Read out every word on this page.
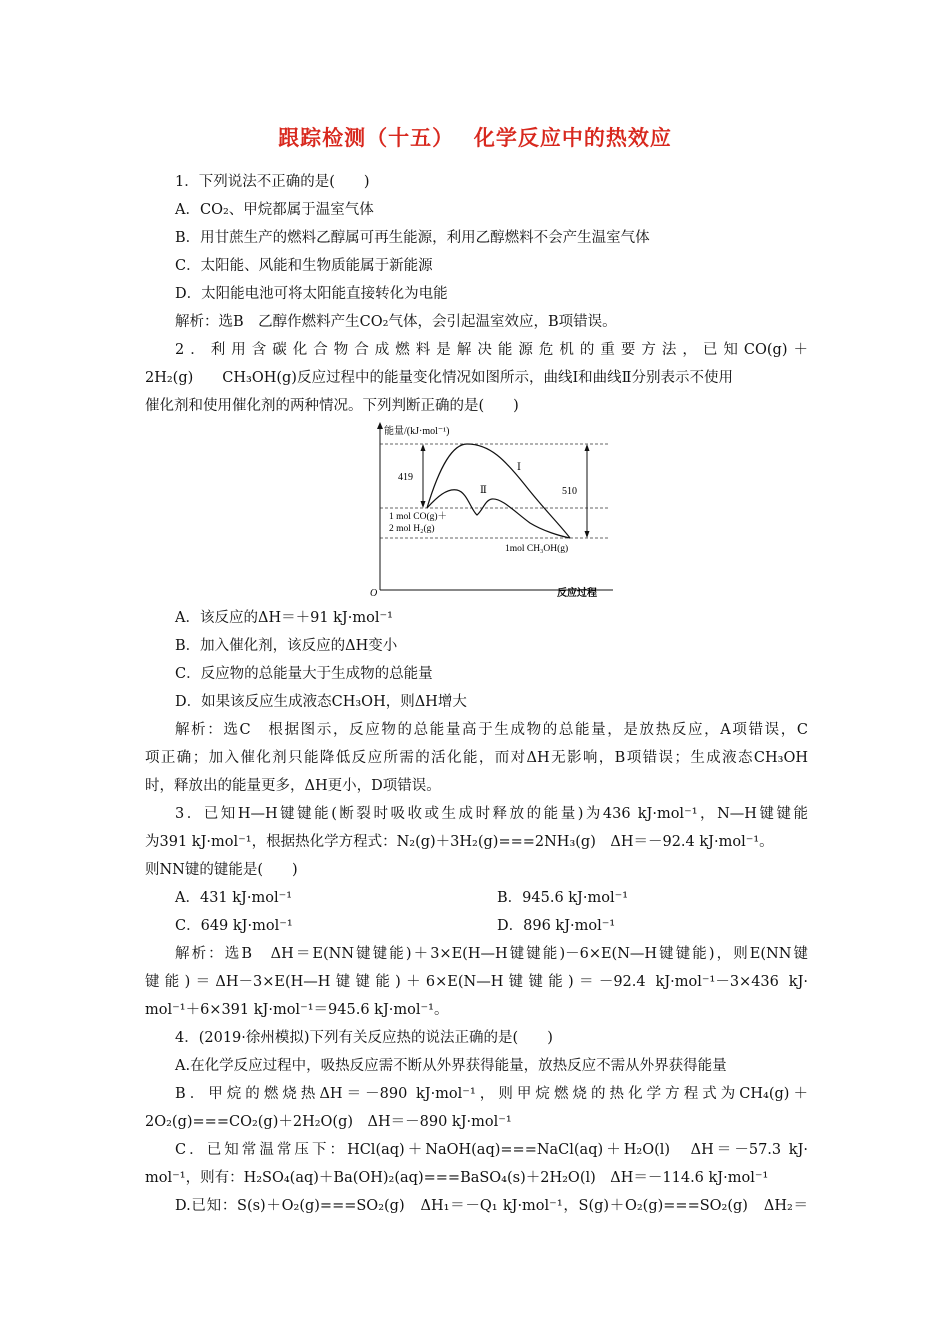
跟踪检测（十五）　 化学反应中的热效应
1．下列说法不正确的是(　　)
A．CO₂、甲烷都属于温室气体
B．用甘蔗生产的燃料乙醇属可再生能源，利用乙醇燃料不会产生温室气体
C．太阳能、风能和生物质能属于新能源
D．太阳能电池可将太阳能直接转化为电能
解析：选B　乙醇作燃料产生CO₂气体，会引起温室效应，B项错误。
2．利用含碳化合物合成燃料是解决能源危机的重要方法，已知CO(g)＋
2H₂(g)　　CH₃OH(g)反应过程中的能量变化情况如图所示，曲线Ⅰ和曲线Ⅱ分别表示不使用
催化剂和使用催化剂的两种情况。下列判断正确的是(　　)
能量/(kJ·mol⁻¹)
反应过程
O
419
510
Ⅰ
Ⅱ
1 mol CO(g)＋
2 mol H₂(g)
1mol CH₃OH(g)
A．该反应的ΔH＝＋91 kJ·mol⁻¹
B．加入催化剂，该反应的ΔH变小
C．反应物的总能量大于生成物的总能量
D．如果该反应生成液态CH₃OH，则ΔH增大
解析：选C　根据图示，反应物的总能量高于生成物的总能量，是放热反应，A项错误，C
项正确；加入催化剂只能降低反应所需的活化能，而对ΔH无影响，B项错误；生成液态CH₃OH
时，释放出的能量更多，ΔH更小，D项错误。
3．已知H—H键键能(断裂时吸收或生成时释放的能量)为436 kJ·mol⁻¹，N—H键键能
为391 kJ·mol⁻¹，根据热化学方程式：N₂(g)＋3H₂(g)===2NH₃(g)　ΔH＝－92.4 kJ·mol⁻¹。
则NN键的键能是(　　)
A．431 kJ·mol⁻¹	B．945.6 kJ·mol⁻¹
C．649 kJ·mol⁻¹	D．896 kJ·mol⁻¹
解析：选B　ΔH＝E(NN键键能)＋3×E(H—H键键能)－6×E(N—H键键能)，则E(NN键
键能)＝ΔH－3×E(H—H键键能)＋6×E(N—H键键能)＝－92.4 kJ·mol⁻¹－3×436 kJ·
mol⁻¹＋6×391 kJ·mol⁻¹＝945.6 kJ·mol⁻¹。
4．(2019·徐州模拟)下列有关反应热的说法正确的是(　　)
A.在化学反应过程中，吸热反应需不断从外界获得能量，放热反应不需从外界获得能量
B．甲烷的燃烧热ΔH＝－890 kJ·mol⁻¹，则甲烷燃烧的热化学方程式为CH₄(g)＋
2O₂(g)===CO₂(g)＋2H₂O(g)　ΔH＝－890 kJ·mol⁻¹
C．已知常温常压下：HCl(aq)＋NaOH(aq)===NaCl(aq)＋H₂O(l)　ΔH＝－57.3 kJ·
mol⁻¹，则有：H₂SO₄(aq)＋Ba(OH)₂(aq)===BaSO₄(s)＋2H₂O(l)　ΔH＝－114.6 kJ·mol⁻¹
D.已知：S(s)＋O₂(g)===SO₂(g)　ΔH₁＝－Q₁ kJ·mol⁻¹，S(g)＋O₂(g)===SO₂(g)　ΔH₂＝
